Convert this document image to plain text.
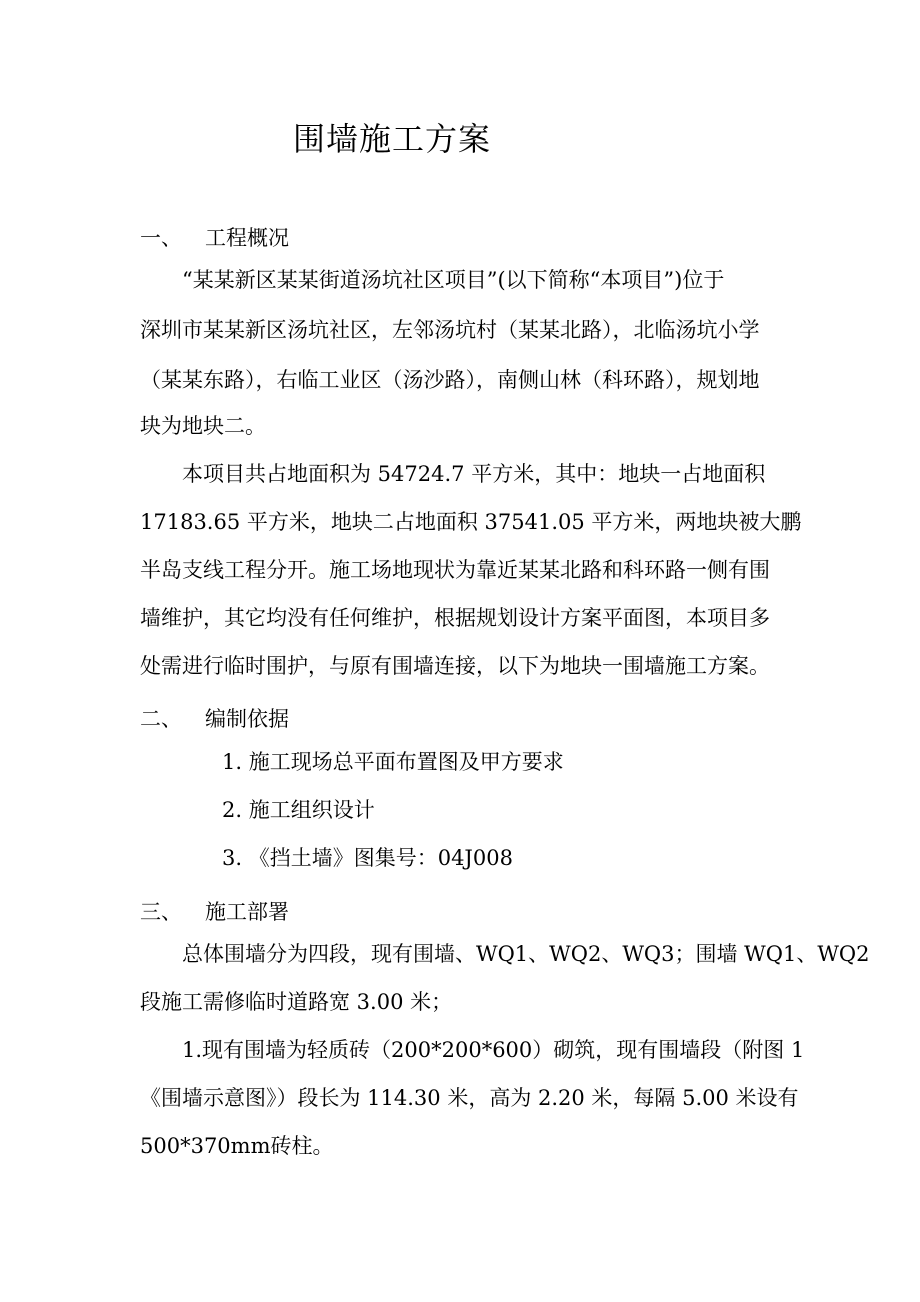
围墙施工方案
一、 工程概况
“某某新区某某街道汤坑社区项目”(以下简称“本项目”)位于
深圳市某某新区汤坑社区，左邻汤坑村（某某北路），北临汤坑小学
（某某东路），右临工业区（汤沙路），南侧山林（科环路），规划地
块为地块二。
本项目共占地面积为 54724.7 平方米，其中：地块一占地面积
17183.65 平方米，地块二占地面积 37541.05 平方米，两地块被大鹏
半岛支线工程分开。施工场地现状为靠近某某北路和科环路一侧有围
墙维护，其它均没有任何维护，根据规划设计方案平面图，本项目多
处需进行临时围护，与原有围墙连接，以下为地块一围墙施工方案。
二、 编制依据
1. 施工现场总平面布置图及甲方要求
2. 施工组织设计
3. 《挡土墙》图集号：04J008
三、 施工部署
总体围墙分为四段，现有围墙、WQ1、WQ2、WQ3；围墙 WQ1、WQ2
段施工需修临时道路宽 3.00 米；
1.现有围墙为轻质砖（200*200*600）砌筑，现有围墙段（附图 1
《围墙示意图》）段长为 114.30 米，高为 2.20 米，每隔 5.00 米设有
500*370mm砖柱。
